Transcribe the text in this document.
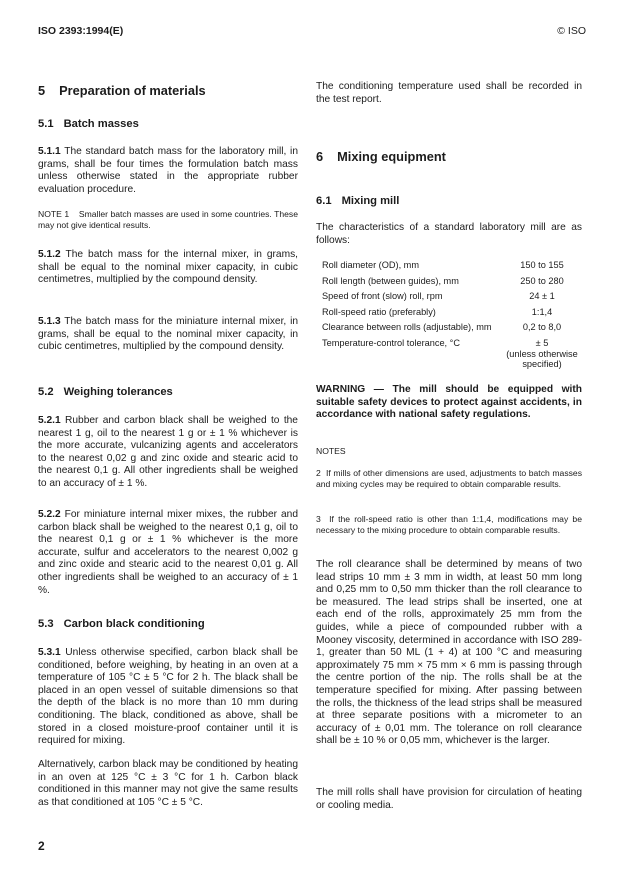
ISO 2393:1994(E)	© ISO
5 Preparation of materials
5.1 Batch masses

5.1.1 The standard batch mass for the laboratory mill, in grams, shall be four times the formulation batch mass unless otherwise stated in the appropriate rubber evaluation procedure.

NOTE 1 Smaller batch masses are used in some countries. These may not give identical results.

5.1.2 The batch mass for the internal mixer, in grams, shall be equal to the nominal mixer capacity, in cubic centimetres, multiplied by the compound density.

5.1.3 The batch mass for the miniature internal mixer, in grams, shall be equal to the nominal mixer capacity, in cubic centimetres, multiplied by the compound density.

5.2 Weighing tolerances

5.2.1 Rubber and carbon black shall be weighed to the nearest 1 g, oil to the nearest 1 g or ± 1 % whichever is the more accurate, vulcanizing agents and accelerators to the nearest 0,02 g and zinc oxide and stearic acid to the nearest 0,1 g. All other ingredients shall be weighed to an accuracy of ± 1 %.

5.2.2 For miniature internal mixer mixes, the rubber and carbon black shall be weighed to the nearest 0,1 g, oil to the nearest 0,1 g or ± 1 % whichever is the more accurate, sulfur and accelerators to the nearest 0,002 g and zinc oxide and stearic acid to the nearest 0,01 g. All other ingredients shall be weighed to an accuracy of ± 1 %.

5.3 Carbon black conditioning

5.3.1 Unless otherwise specified, carbon black shall be conditioned, before weighing, by heating in an oven at a temperature of 105 °C ± 5 °C for 2 h. The black shall be placed in an open vessel of suitable dimensions so that the depth of the black is no more than 10 mm during conditioning. The black, conditioned as above, shall be stored in a closed moisture-proof container until it is required for mixing.

Alternatively, carbon black may be conditioned by heating in an oven at 125 °C ± 3 °C for 1 h. Carbon black conditioned in this manner may not give the same results as that conditioned at 105 °C ± 5 °C.

The conditioning temperature used shall be recorded in the test report.

6 Mixing equipment
6.1 Mixing mill

The characteristics of a standard laboratory mill are as follows:

Roll diameter (OD), mm	150 to 155
Roll length (between guides), mm	250 to 280
Speed of front (slow) roll, rpm	24 ± 1
Roll-speed ratio (preferably)	1:1,4
Clearance between rolls (adjustable), mm	0,2 to 8,0
Temperature-control tolerance, °C	± 5
(unless otherwise specified)

WARNING — The mill should be equipped with suitable safety devices to protect against accidents, in accordance with national safety regulations.

NOTES

2 If mills of other dimensions are used, adjustments to batch masses and mixing cycles may be required to obtain comparable results.

3 If the roll-speed ratio is other than 1:1,4, modifications may be necessary to the mixing procedure to obtain comparable results.

The roll clearance shall be determined by means of two lead strips 10 mm ± 3 mm in width, at least 50 mm long and 0,25 mm to 0,50 mm thicker than the roll clearance to be measured. The lead strips shall be inserted, one at each end of the rolls, approximately 25 mm from the guides, while a piece of compounded rubber with a Mooney viscosity, determined in accordance with ISO 289-1, greater than 50 ML (1 + 4) at 100 °C and measuring approximately 75 mm × 75 mm × 6 mm is passing through the centre portion of the nip. The rolls shall be at the temperature specified for mixing. After passing between the rolls, the thickness of the lead strips shall be measured at three separate positions with a micrometer to an accuracy of ± 0,01 mm. The tolerance on roll clearance shall be ± 10 % or 0,05 mm, whichever is the larger.

The mill rolls shall have provision for circulation of heating or cooling media.

2
